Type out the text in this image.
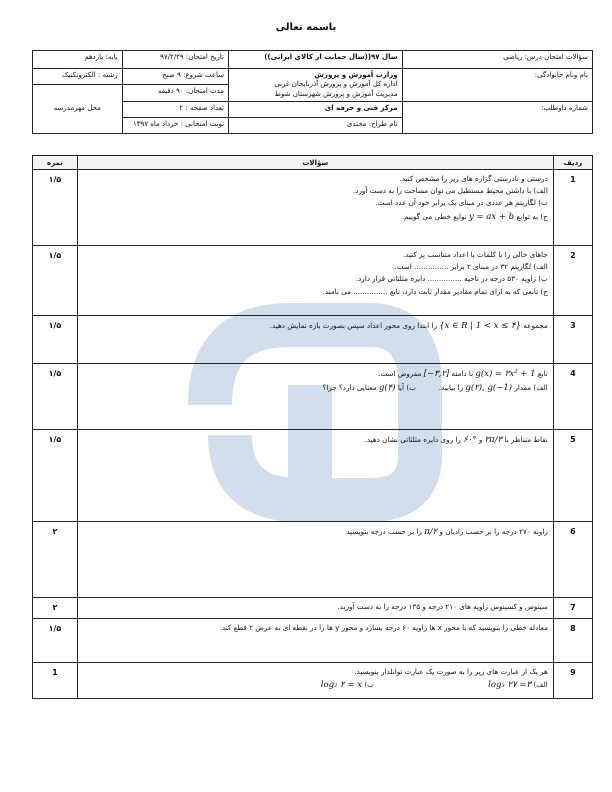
باسمه تعالی
سؤالات امتحان درس: ریاضی	سال ۹۷((سال حمایت از کالای ایرانی))	تاریخ امتحان: ۹۷/۲/۲۹	پایه: یازدهم
نام ونام خانوادگی:	وزارت آموزش و پرورش
اداره کل آموزش و پرورش آذربایجان غربی
مدیریت آموزش و پرورش شهرستان شوط	ساعت شروع: ۹ صبح	رشته : الکتروتکنیک
		مدت امتحان: ۹۰ دقیقه	محل مهرمدرسه
شماره داوطلب:	مرکز فنی و حرفه ای	تعداد صفحه : ۲	
	نام طراح: مختدی	نوبت امتحانی : خرداد ماه ۱۳۹۷	
ردیف	سؤالات	نمره
1	درستی و نادرستی گزاره های زیر را مشخص کنید.
الف) با داشتن محیط مستطیل می توان مساحت را به دست آورد.
ب) لگاریتم هر عددی در مبنای یک برابر خود آن عدد است.
ج) به توابع y = ax + b توابع خطی می گوییم.	۱/۵
2	جاهای خالی را با کلمات یا اعداد متناسب پر کنید.
الف) لگاریتم ۳۲ در مبنای ۲ برابر ............... است.
ب) زاویه ۵۳۰ درجه در ناحیه ............... دایره مثلثاتی قرار دارد.
ج) تابعی که به ازای تمام مقادیر مقدار ثابت دارد، تابع ............... می نامند.	۱/۵
3	مجموعه {x ∈ R | 1 < x ≤ ۴} را ابتدا روی محور اعداد سپس بصورت بازه نمایش دهید.	۱/۵
4	تابع g(x) = ۲x² + 1 با دامنه [−۳,۲] مفروض است.
الف) مقدار g(۲), g(−1) را بیابید.          ب) آیا g(۴) معنایی دارد؟ چرا؟	۱/۵
5	نقاط متناظر با ۲π/۳ و ۶۰° را روی دایره مثلثاتی نشان دهید.	۱/۵
6	زاویه ۲۷۰ درجه را بر حسب رادیان و π/۲ را بر حسب درجه بنویسید	۲
7	سینوس و کسینوس زاویه های ۲۱۰ درجه و ۱۳۵ درجه را به دست آورید.	۲
8	معادله خطی را بنویسید که با محور x ها زاویه ۶۰ درجه بسازد و محور y ها را در نقطه ای به عرض ۲ قطع کند.	۱/۵
9	هر یک از عبارت های زیر را به صورت یک عبارت توانلدار بنویسید.
الف) log₃ ۲۷ =۳                                                  ب) log₂ ۲ = x	1
